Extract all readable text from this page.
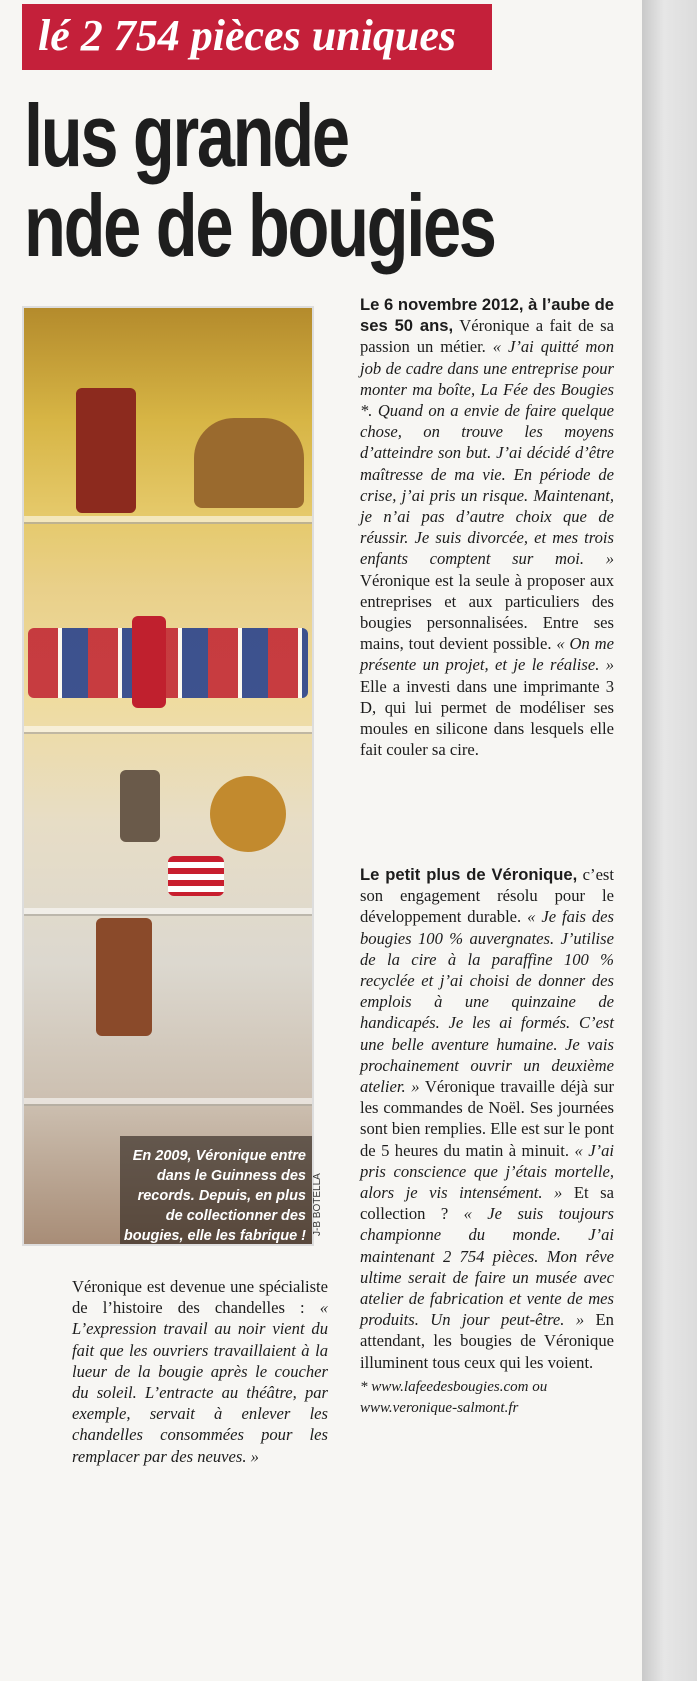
lé 2 754 pièces uniques
lus grande
nde de bougies
En 2009, Véronique entre dans le Guinness des records. Depuis, en plus de collectionner des bougies, elle les fabrique ! J-B BOTELLA

Le 6 novembre 2012, à l’aube de ses 50 ans, Véronique a fait de sa passion un métier. « J’ai quitté mon job de cadre dans une entreprise pour monter ma boîte, La Fée des Bougies *. Quand on a envie de faire quelque chose, on trouve les moyens d’atteindre son but. J’ai décidé d’être maîtresse de ma vie. En période de crise, j’ai pris un risque. Maintenant, je n’ai pas d’autre choix que de réussir. Je suis divorcée, et mes trois enfants comptent sur moi. » Véronique est la seule à proposer aux entreprises et aux particuliers des bougies personnalisées. Entre ses mains, tout devient possible. « On me présente un projet, et je le réalise. » Elle a investi dans une imprimante 3 D, qui lui permet de modéliser ses moules en silicone dans lesquels elle fait couler sa cire.

Le petit plus de Véronique, c’est son engagement résolu pour le développement durable. « Je fais des bougies 100 % auvergnates. J’utilise de la cire à la paraffine 100 % recyclée et j’ai choisi de donner des emplois à une quinzaine de handicapés. Je les ai formés. C’est une belle aventure humaine. Je vais prochainement ouvrir un deuxième atelier. » Véronique travaille déjà sur les commandes de Noël. Ses journées sont bien remplies. Elle est sur le pont de 5 heures du matin à minuit. « J’ai pris conscience que j’étais mortelle, alors je vis intensément. » Et sa collection ? « Je suis toujours championne du monde. J’ai maintenant 2 754 pièces. Mon rêve ultime serait de faire un musée avec atelier de fabrication et vente de mes produits. Un jour peut-être. » En attendant, les bougies de Véronique illuminent tous ceux qui les voient.

* www.lafeedesbougies.com ou www.veronique-salmont.fr

Véronique est devenue une spécialiste de l’histoire des chandelles : « L’expression travail au noir vient du fait que les ouvriers travaillaient à la lueur de la bougie après le coucher du soleil. L’entracte au théâtre, par exemple, servait à enlever les chandelles consommées pour les remplacer par des neuves. »
